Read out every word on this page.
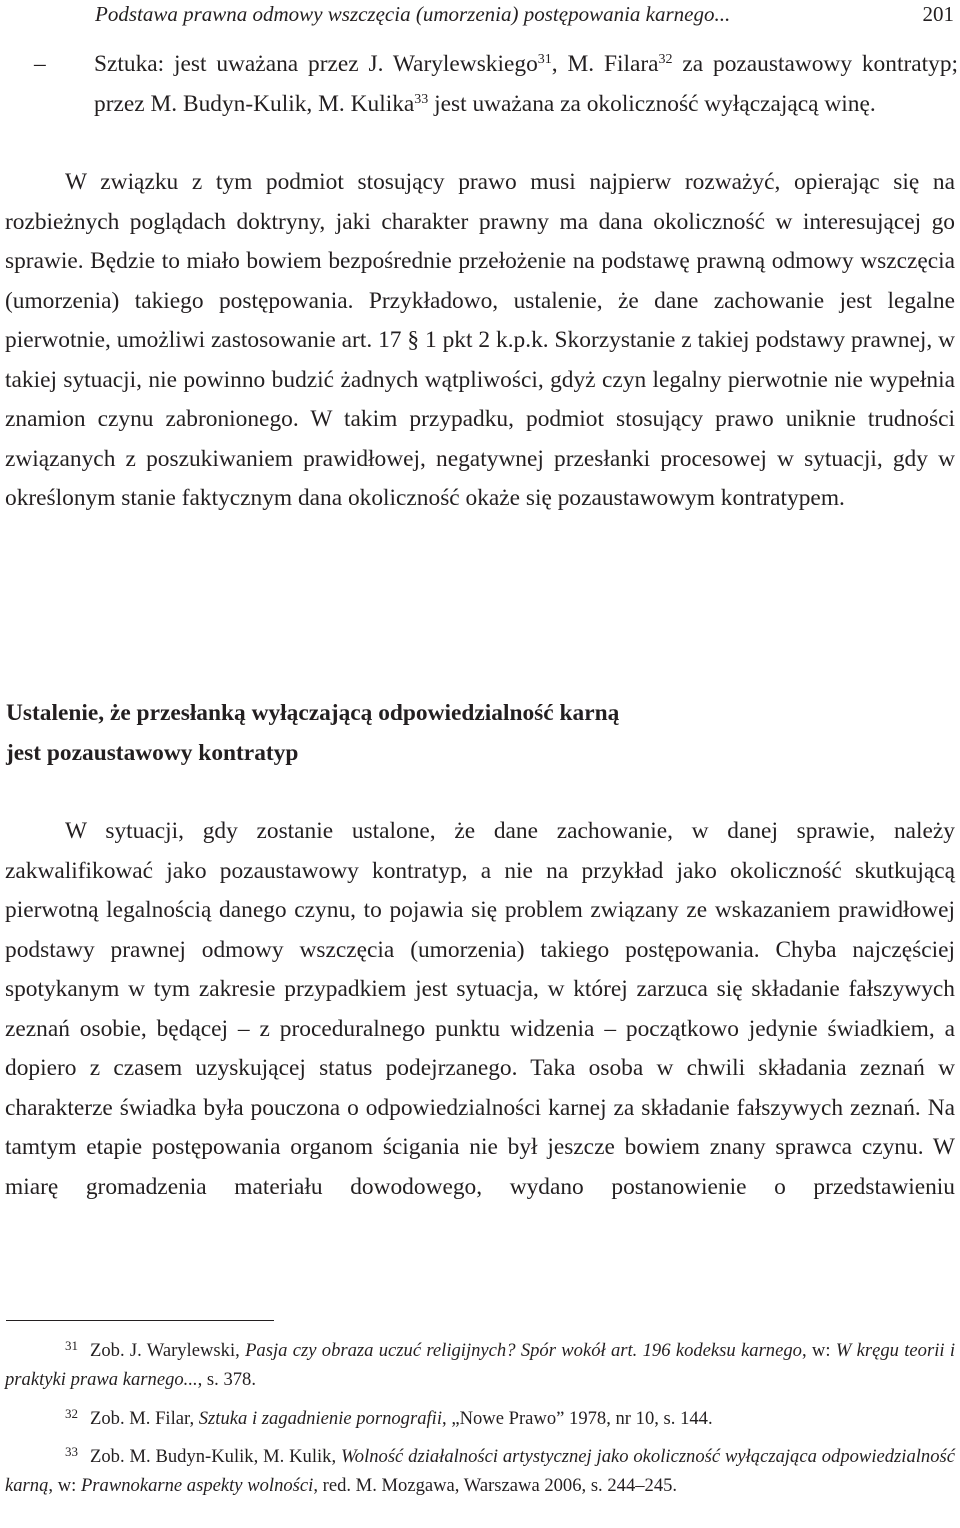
Podstawa prawna odmowy wszczęcia (umorzenia) postępowania karnego...	201

– Sztuka: jest uważana przez J. Warylewskiego$^{31}$, M. Filara$^{32}$ za pozaustawowy kontratyp; przez M. Budyn-Kulik, M. Kulika$^{33}$ jest uważana za okoliczność wyłączającą winę.

W związku z tym podmiot stosujący prawo musi najpierw rozważyć, opierając się na rozbieżnych poglądach doktryny, jaki charakter prawny ma dana okoliczność w interesującej go sprawie. Będzie to miało bowiem bezpośrednie przełożenie na podstawę prawną odmowy wszczęcia (umorzenia) takiego postępowania. Przykładowo, ustalenie, że dane zachowanie jest legalne pierwotnie, umożliwi zastosowanie art. 17 § 1 pkt 2 k.p.k. Skorzystanie z takiej podstawy prawnej, w takiej sytuacji, nie powinno budzić żadnych wątpliwości, gdyż czyn legalny pierwotnie nie wypełnia znamion czynu zabronionego. W takim przypadku, podmiot stosujący prawo uniknie trudności związanych z poszukiwaniem prawidłowej, negatywnej przesłanki procesowej w sytuacji, gdy w określonym stanie faktycznym dana okoliczność okaże się pozaustawowym kontratypem.

Ustalenie, że przesłanką wyłączającą odpowiedzialność karną
jest pozaustawowy kontratyp

W sytuacji, gdy zostanie ustalone, że dane zachowanie, w danej sprawie, należy zakwalifikować jako pozaustawowy kontratyp, a nie na przykład jako okoliczność skutkującą pierwotną legalnością danego czynu, to pojawia się problem związany ze wskazaniem prawidłowej podstawy prawnej odmowy wszczęcia (umorzenia) takiego postępowania. Chyba najczęściej spotykanym w tym zakresie przypadkiem jest sytuacja, w której zarzuca się składanie fałszywych zeznań osobie, będącej – z proceduralnego punktu widzenia – początkowo jedynie świadkiem, a dopiero z czasem uzyskującej status podejrzanego. Taka osoba w chwili składania zeznań w charakterze świadka była pouczona o odpowiedzialności karnej za składanie fałszywych zeznań. Na tamtym etapie postępowania organom ścigania nie był jeszcze bowiem znany sprawca czynu. W miarę gromadzenia materiału dowodowego, wydano postanowienie o przedstawieniu

31 Zob. J. Warylewski, Pasja czy obraza uczuć religijnych? Spór wokół art. 196 kodeksu karnego, w: W kręgu teorii i praktyki prawa karnego..., s. 378.
32 Zob. M. Filar, Sztuka i zagadnienie pornografii, „Nowe Prawo” 1978, nr 10, s. 144.
33 Zob. M. Budyn-Kulik, M. Kulik, Wolność działalności artystycznej jako okoliczność wyłączająca odpowiedzialność karną, w: Prawnokarne aspekty wolności, red. M. Mozgawa, Warszawa 2006, s. 244–245.
